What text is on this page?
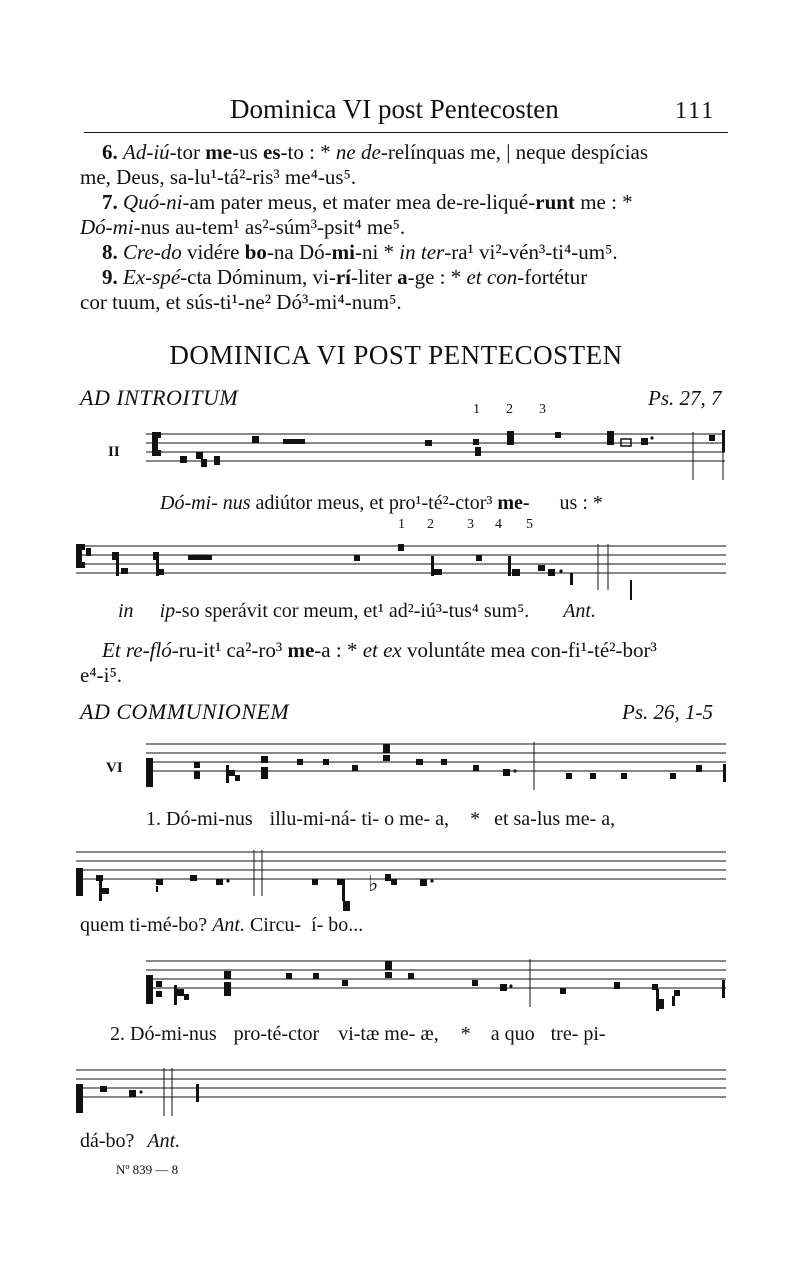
Dominica VI post Pentecosten	111
6. Ad-iú-tor me-us es-to : * ne de-relínquas me, | neque despícias
me, Deus, sa-lu¹-tá²-ris³ me⁴-us⁵.
7. Quó-ni-am pater meus, et mater mea de-re-liqué-runt me : *
Dó-mi-nus au-tem¹ as²-súm³-psit⁴ me⁵.
8. Cre-do vidére bo-na Dó-mi-ni * in ter-ra¹ vi²-vén³-ti⁴-um⁵.
9. Ex-spé-cta Dóminum, vi-rí-liter a-ge : * et con-fortétur
cor tuum, et sús-ti¹-ne² Dó³-mi⁴-num⁵.
DOMINICA VI POST PENTECOSTEN
AD INTROITUM	Ps. 27, 7
1 2 3
II
Dó-mi- nus adiútor meus, et pro¹-té²-ctor³ me- us : *
1 2 3 4 5
in ip-so sperávit cor meum, et¹ ad²-iú³-tus⁴ sum⁵. Ant.
Et re-fló-ru-it¹ ca²-ro³ me-a : * et ex voluntáte mea con-fi¹-té²-bor³
e⁴-i⁵.
AD COMMUNIONEM	Ps. 26, 1-5
VI
1. Dó-mi-nus illu-mi-ná- ti- o me- a, * et sa-lus me- a,
♭
quem ti-mé-bo? Ant. Circu- í- bo...
2. Dó-mi-nus pro-té-ctor vi-tæ me- æ, * a quo tre- pi-
dá-bo? Ant.
Nº 839 — 8
